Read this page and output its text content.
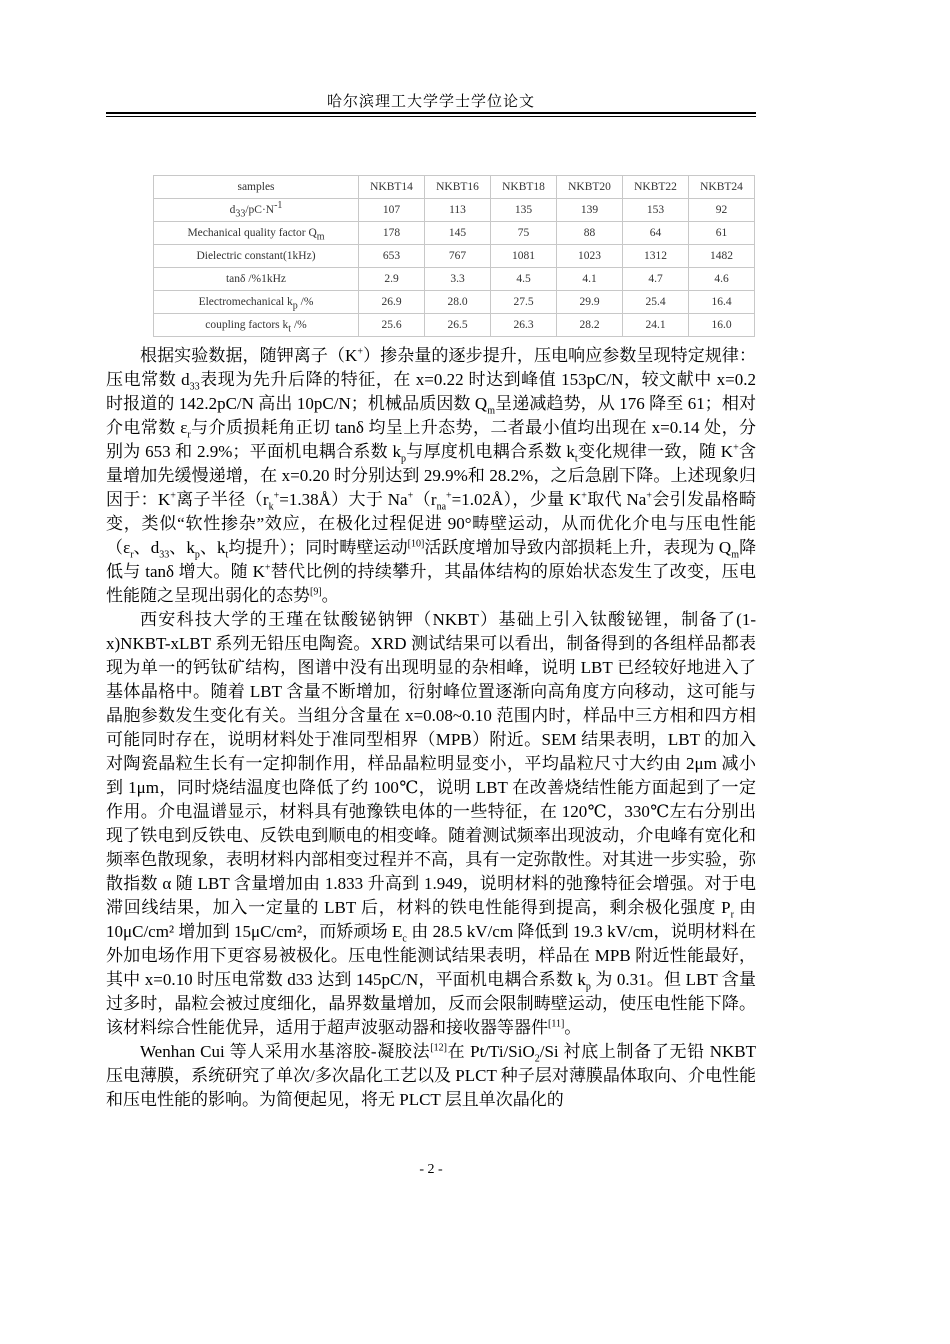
哈尔滨理工大学学士学位论文
samples	NKBT14	NKBT16	NKBT18	NKBT20	NKBT22	NKBT24
$d_{33}/pC\cdot N^{-1}$	107	113	135	139	153	92
Mechanical quality factor $Q_m$	178	145	75	88	64	61
Dielectric constant(1kHz)	653	767	1081	1023	1312	1482
tanδ /%1kHz	2.9	3.3	4.5	4.1	4.7	4.6
Electromechanical $k_p$ /%	26.9	28.0	27.5	29.9	25.4	16.4
coupling factors $k_t$ /%	25.6	26.5	26.3	28.2	24.1	16.0

根据实验数据，随钾离子（K+）掺杂量的逐步提升，压电响应参数呈现特定规律：压电常数 $d_{33}$表现为先升后降的特征，在 x=0.22 时达到峰值 153pC/N，较文献中 x=0.2 时报道的 142.2pC/N 高出 10pC/N；机械品质因数 $Q_m$呈递减趋势，从 176 降至 61；相对介电常数 $\varepsilon_r$与介质损耗角正切 tanδ 均呈上升态势，二者最小值均出现在 x=0.14 处，分别为 653 和 2.9%；平面机电耦合系数 $k_p$与厚度机电耦合系数 $k_t$变化规律一致，随 K+含量增加先缓慢递增，在 x=0.20 时分别达到 29.9%和 28.2%，之后急剧下降。上述现象归因于：K+离子半径$(r_k^+=1.38Å)$大于 $Na^+(r_{na}^+=1.02Å)$，少量 K+取代 Na+会引发晶格畸变，类似“软性掺杂”效应，在极化过程促进 90°畴壁运动，从而优化介电与压电性能（$\varepsilon_r$、$d_{33}$、$k_p$、$k_t$均提升）；同时畴壁运动[10]活跃度增加导致内部损耗上升，表现为 $Q_m$降低与 tanδ 增大。随 K+替代比例的持续攀升，其晶体结构的原始状态发生了改变，压电性能随之呈现出弱化的态势[9]。

西安科技大学的王瑾在钛酸铋钠钾（NKBT）基础上引入钛酸铋锂，制备了(1-x)NKBT-xLBT 系列无铅压电陶瓷。XRD 测试结果可以看出，制备得到的各组样品都表现为单一的钙钛矿结构，图谱中没有出现明显的杂相峰，说明 LBT 已经较好地进入了基体晶格中。随着 LBT 含量不断增加，衍射峰位置逐渐向高角度方向移动，这可能与晶胞参数发生变化有关。当组分含量在 x=0.08~0.10 范围内时，样品中三方相和四方相可能同时存在，说明材料处于准同型相界（MPB）附近。SEM 结果表明，LBT 的加入对陶瓷晶粒生长有一定抑制作用，样品晶粒明显变小，平均晶粒尺寸大约由 2μm 减小到 1μm，同时烧结温度也降低了约 100℃，说明 LBT 在改善烧结性能方面起到了一定作用。介电温谱显示，材料具有弛豫铁电体的一些特征，在 120℃，330℃左右分别出现了铁电到反铁电、反铁电到顺电的相变峰。随着测试频率出现波动，介电峰有宽化和频率色散现象，表明材料内部相变过程并不高，具有一定弥散性。对其进一步实验，弥散指数 α 随 LBT 含量增加由 1.833 升高到 1.949，说明材料的弛豫特征会增强。对于电滞回线结果，加入一定量的 LBT 后，材料的铁电性能得到提高，剩余极化强度 $P_r$ 由 10μC/cm² 增加到 15μC/cm²，而矫顽场 $E_c$ 由 28.5 kV/cm 降低到 19.3 kV/cm，说明材料在外加电场作用下更容易被极化。压电性能测试结果表明，样品在 MPB 附近性能最好，其中 x=0.10 时压电常数 d33 达到 145pC/N，平面机电耦合系数 $k_p$ 为 0.31。但 LBT 含量过多时，晶粒会被过度细化，晶界数量增加，反而会限制畴壁运动，使压电性能下降。该材料综合性能优异，适用于超声波驱动器和接收器等器件[11]。

Wenhan Cui 等人采用水基溶胶-凝胶法[12]在 Pt/Ti/SiO$_2$/Si 衬底上制备了无铅 NKBT 压电薄膜，系统研究了单次/多次晶化工艺以及 PLCT 种子层对薄膜晶体取向、介电性能和压电性能的影响。为简便起见，将无 PLCT 层且单次晶化的

- 2 -
